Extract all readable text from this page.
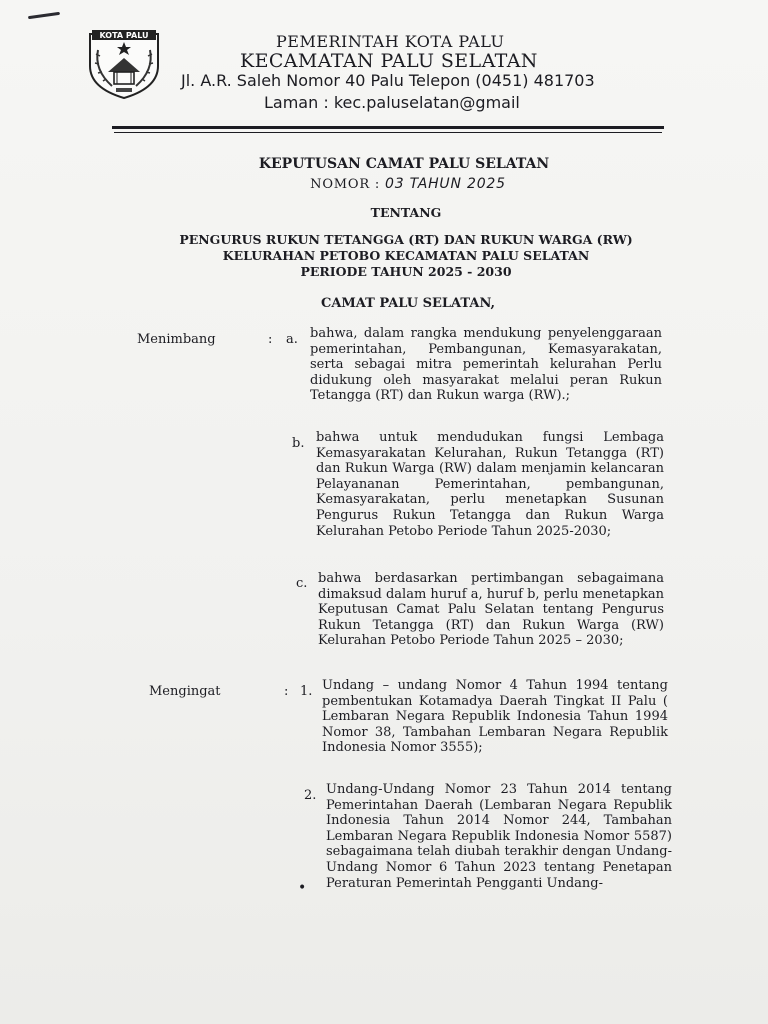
KOTA PALU	PEMERINTAH KOTA PALU
KECAMATAN PALU SELATAN
Jl. A.R. Saleh Nomor 40 Palu Telepon (0451) 481703
Laman : kec.paluselatan@gmail
KEPUTUSAN CAMAT PALU SELATAN
NOMOR : 03 TAHUN 2025
TENTANG
PENGURUS RUKUN TETANGGA (RT) DAN RUKUN WARGA (RW)
KELURAHAN PETOBO KECAMATAN PALU SELATAN
PERIODE TAHUN 2025 - 2030
CAMAT PALU SELATAN,
Menimbang	: a. bahwa, dalam rangka mendukung penyelenggaraan pemerintahan, Pembangunan, Kemasyarakatan, serta sebagai mitra pemerintah kelurahan Perlu didukung oleh masyarakat melalui peran Rukun Tetangga (RT) dan Rukun warga (RW).;
b. bahwa untuk mendudukan fungsi Lembaga Kemasyarakatan Kelurahan, Rukun Tetangga (RT) dan Rukun Warga (RW) dalam menjamin kelancaran Pelayananan Pemerintahan, pembangunan, Kemasyarakatan, perlu menetapkan Susunan Pengurus Rukun Tetangga dan Rukun Warga Kelurahan Petobo Periode Tahun 2025-2030;
c. bahwa berdasarkan pertimbangan sebagaimana dimaksud dalam huruf a, huruf b, perlu menetapkan Keputusan Camat Palu Selatan tentang Pengurus Rukun Tetangga (RT) dan Rukun Warga (RW) Kelurahan Petobo Periode Tahun 2025 – 2030;
Mengingat	: 1. Undang – undang Nomor 4 Tahun 1994 tentang pembentukan Kotamadya Daerah Tingkat II Palu ( Lembaran Negara Republik Indonesia Tahun 1994 Nomor 38, Tambahan Lembaran Negara Republik Indonesia Nomor 3555);
2. Undang-Undang Nomor 23 Tahun 2014 tentang Pemerintahan Daerah (Lembaran Negara Republik Indonesia Tahun 2014 Nomor 244, Tambahan Lembaran Negara Republik Indonesia Nomor 5587) sebagaimana telah diubah terakhir dengan Undang-Undang Nomor 6 Tahun 2023 tentang Penetapan Peraturan Pemerintah Pengganti Undang-
•
